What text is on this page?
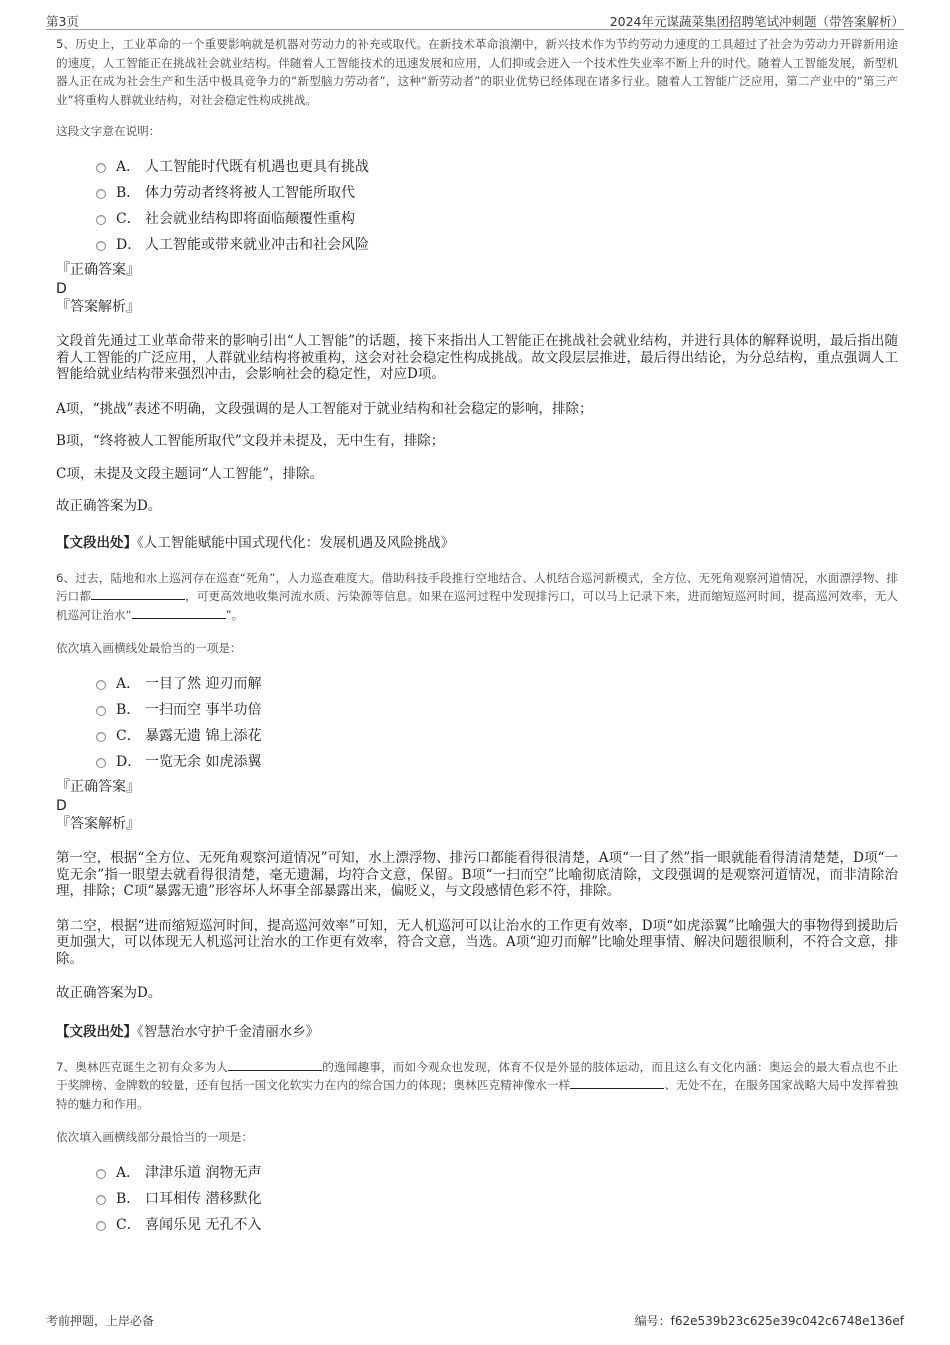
第3页	2024年元谋蔬菜集团招聘笔试冲刺题（带答案解析）
5、历史上，工业革命的一个重要影响就是机器对劳动力的补充或取代。在新技术革命浪潮中，新兴技术作为节约劳动力速度的工具超过了社会为劳动力开辟新用途的速度，人工智能正在挑战社会就业结构。伴随着人工智能技术的迅速发展和应用，人们抑或会进入一个技术性失业率不断上升的时代。随着人工智能发展，新型机器人正在成为社会生产和生活中极具竞争力的“新型脑力劳动者”，这种“新劳动者”的职业优势已经体现在诸多行业。随着人工智能广泛应用，第二产业中的“第三产业”将重构人群就业结构，对社会稳定性构成挑战。
这段文字意在说明：
A． 人工智能时代既有机遇也更具有挑战
B． 体力劳动者终将被人工智能所取代
C． 社会就业结构即将面临颠覆性重构
D． 人工智能或带来就业冲击和社会风险
『正确答案』
D
『答案解析』
文段首先通过工业革命带来的影响引出“人工智能”的话题，接下来指出人工智能正在挑战社会就业结构，并进行具体的解释说明，最后指出随着人工智能的广泛应用，人群就业结构将被重构，这会对社会稳定性构成挑战。故文段层层推进，最后得出结论，为分总结构，重点强调人工智能给就业结构带来强烈冲击，会影响社会的稳定性，对应D项。
A项，“挑战”表述不明确，文段强调的是人工智能对于就业结构和社会稳定的影响，排除；
B项，“终将被人工智能所取代”文段并未提及，无中生有，排除；
C项，未提及文段主题词“人工智能”，排除。
故正确答案为D。
【文段出处】《人工智能赋能中国式现代化：发展机遇及风险挑战》
6、过去，陆地和水上巡河存在巡查“死角”，人力巡查难度大。借助科技手段推行空地结合、人机结合巡河新模式，全方位、无死角观察河道情况，水面漂浮物、排污口都	，可更高效地收集河流水质、污染源等信息。如果在巡河过程中发现排污口，可以马上记录下来，进而缩短巡河时间，提高巡河效率，无人机巡河让治水“	”。
依次填入画横线处最恰当的一项是：
A． 一目了然 迎刃而解
B． 一扫而空 事半功倍
C． 暴露无遗 锦上添花
D． 一览无余 如虎添翼
『正确答案』
D
『答案解析』
第一空，根据“全方位、无死角观察河道情况”可知，水上漂浮物、排污口都能看得很清楚，A项“一目了然”指一眼就能看得清清楚楚，D项“一览无余”指一眼望去就看得很清楚，毫无遗漏，均符合文意，保留。B项“一扫而空”比喻彻底清除，文段强调的是观察河道情况，而非清除治理，排除；C项“暴露无遗”形容坏人坏事全部暴露出来，偏贬义，与文段感情色彩不符，排除。
第二空，根据“进而缩短巡河时间，提高巡河效率”可知，无人机巡河可以让治水的工作更有效率，D项“如虎添翼”比喻强大的事物得到援助后更加强大，可以体现无人机巡河让治水的工作更有效率，符合文意，当选。A项“迎刃而解”比喻处理事情、解决问题很顺利，不符合文意，排除。
故正确答案为D。
【文段出处】《智慧治水守护千金清丽水乡》
7、奥林匹克诞生之初有众多为人	的逸闻趣事，而如今观众也发现，体育不仅是外显的肢体运动，而且这么有文化内涵：奥运会的最大看点也不止于奖牌榜、金牌数的较量，还有包括一国文化软实力在内的综合国力的体现；奥林匹克精神像水一样	、无处不在，在服务国家战略大局中发挥着独特的魅力和作用。
依次填入画横线部分最恰当的一项是：
A． 津津乐道 润物无声
B． 口耳相传 潜移默化
C． 喜闻乐见 无孔不入
考前押题，上岸必备	编号：f62e539b23c625e39c042c6748e136ef
